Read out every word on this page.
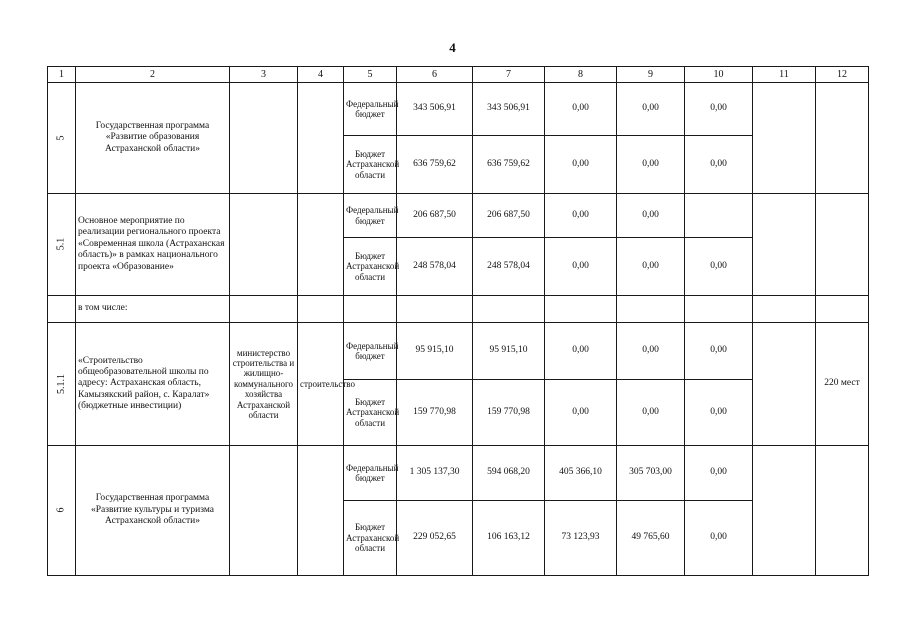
4
1	2	3	4	5	6	7	8	9	10	11	12
5	Государственная программа «Развитие образования Астраханской области»			Федеральный бюджет	343 506,91	343 506,91	0,00	0,00	0,00		
				Бюджет Астраханской области	636 759,62	636 759,62	0,00	0,00	0,00		
5.1	Основное мероприятие по реализации регионального проекта «Современная школа (Астраханская область)» в рамках национального проекта «Образование»			Федеральный бюджет	206 687,50	206 687,50	0,00	0,00			
				Бюджет Астраханской области	248 578,04	248 578,04	0,00	0,00	0,00		
	в том числе:										
5.1.1	«Строительство общеобразовательной школы по адресу: Астраханская область, Камызякский район, с. Каралат» (бюджетные инвестиции)	министерство строительства и жилищно-коммунального хозяйства Астраханской области	строительство	Федеральный бюджет	95 915,10	95 915,10	0,00	0,00	0,00		220 мест
				Бюджет Астраханской области	159 770,98	159 770,98	0,00	0,00	0,00		
6	Государственная программа «Развитие культуры и туризма Астраханской области»			Федеральный бюджет	1 305 137,30	594 068,20	405 366,10	305 703,00	0,00		
				Бюджет Астраханской области	229 052,65	106 163,12	73 123,93	49 765,60	0,00		
